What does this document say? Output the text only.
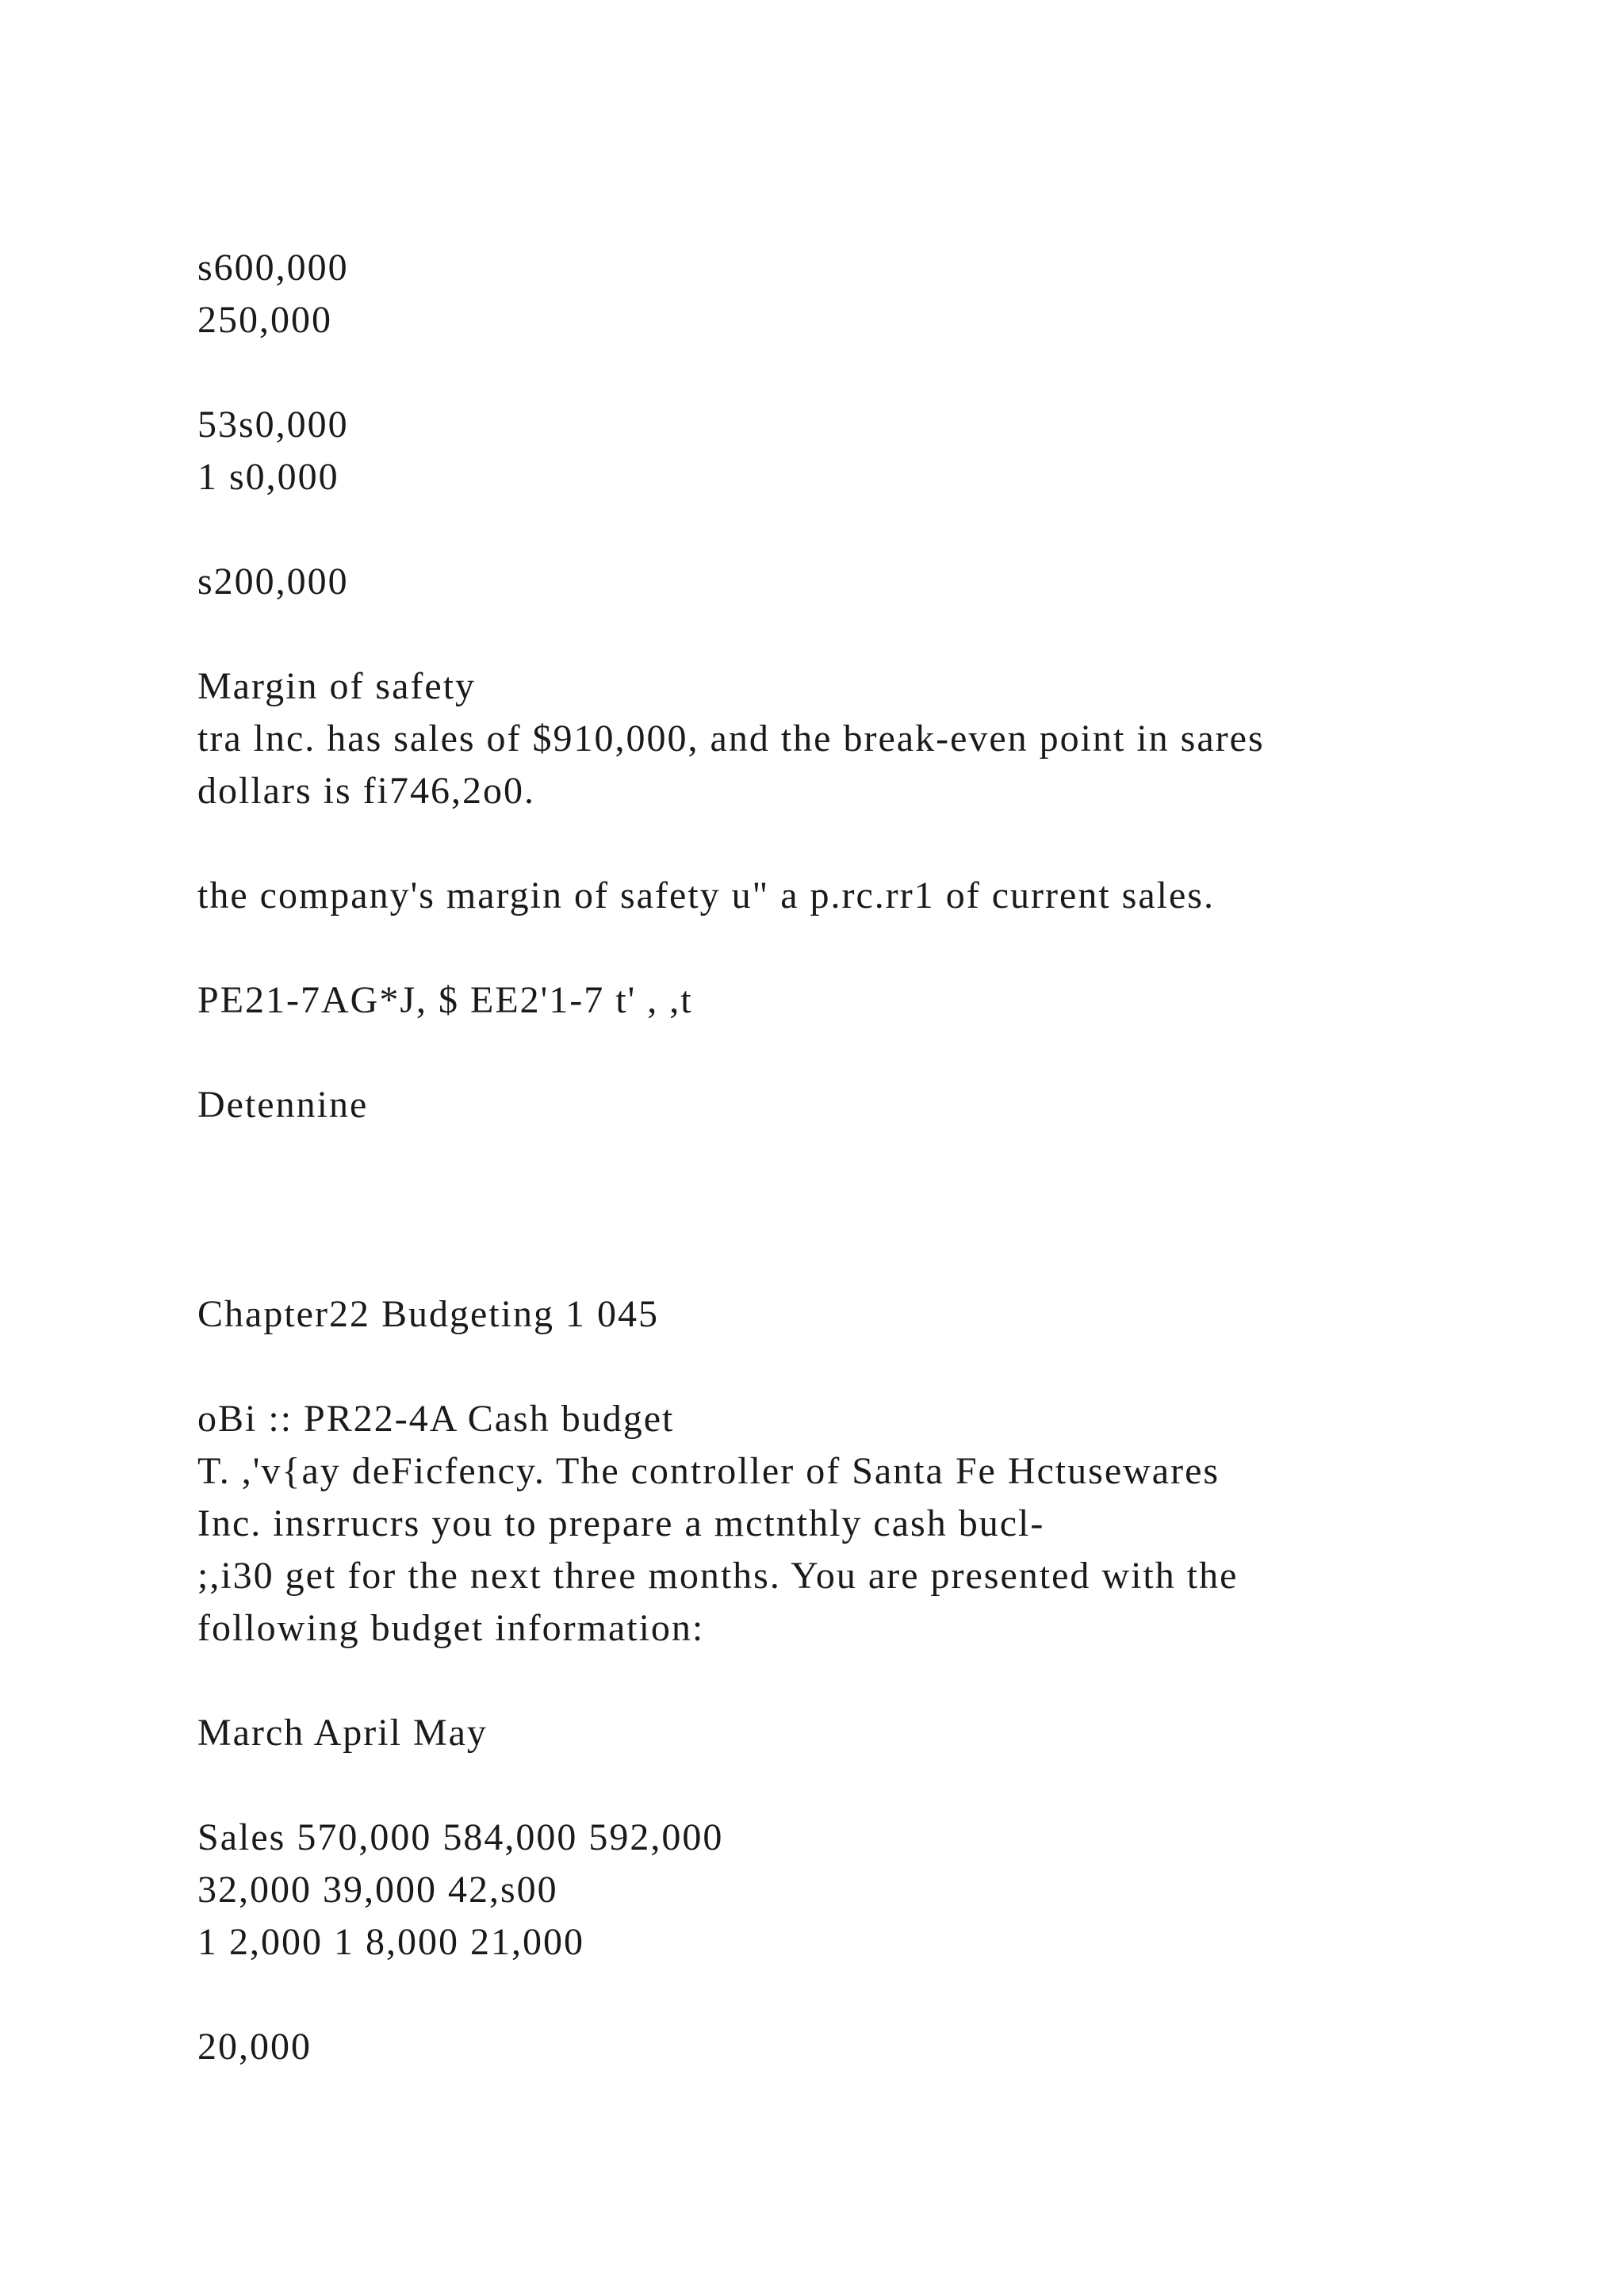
s600,000
250,000
53s0,000
1 s0,000
s200,000
Margin of safety
tra lnc. has sales of $910,000, and the break-even point in sares
dollars is fi746,2o0.
the company's margin of safety u" a p.rc.rr1 of current sales.
PE21-7AG*J, $ EE2'1-7 t' , ,t
Detennine
Chapter22 Budgeting 1 045
oBi :: PR22-4A Cash budget
T. ,'v{ay deFicfency. The controller of Santa Fe Hctusewares
Inc. insrrucrs you to prepare a mctnthly cash bucl-
;,i30 get for the next three months. You are presented with the
following budget information:
March April May
Sales 570,000 584,000 592,000
32,000 39,000 42,s00
1 2,000 1 8,000 21,000
20,000
